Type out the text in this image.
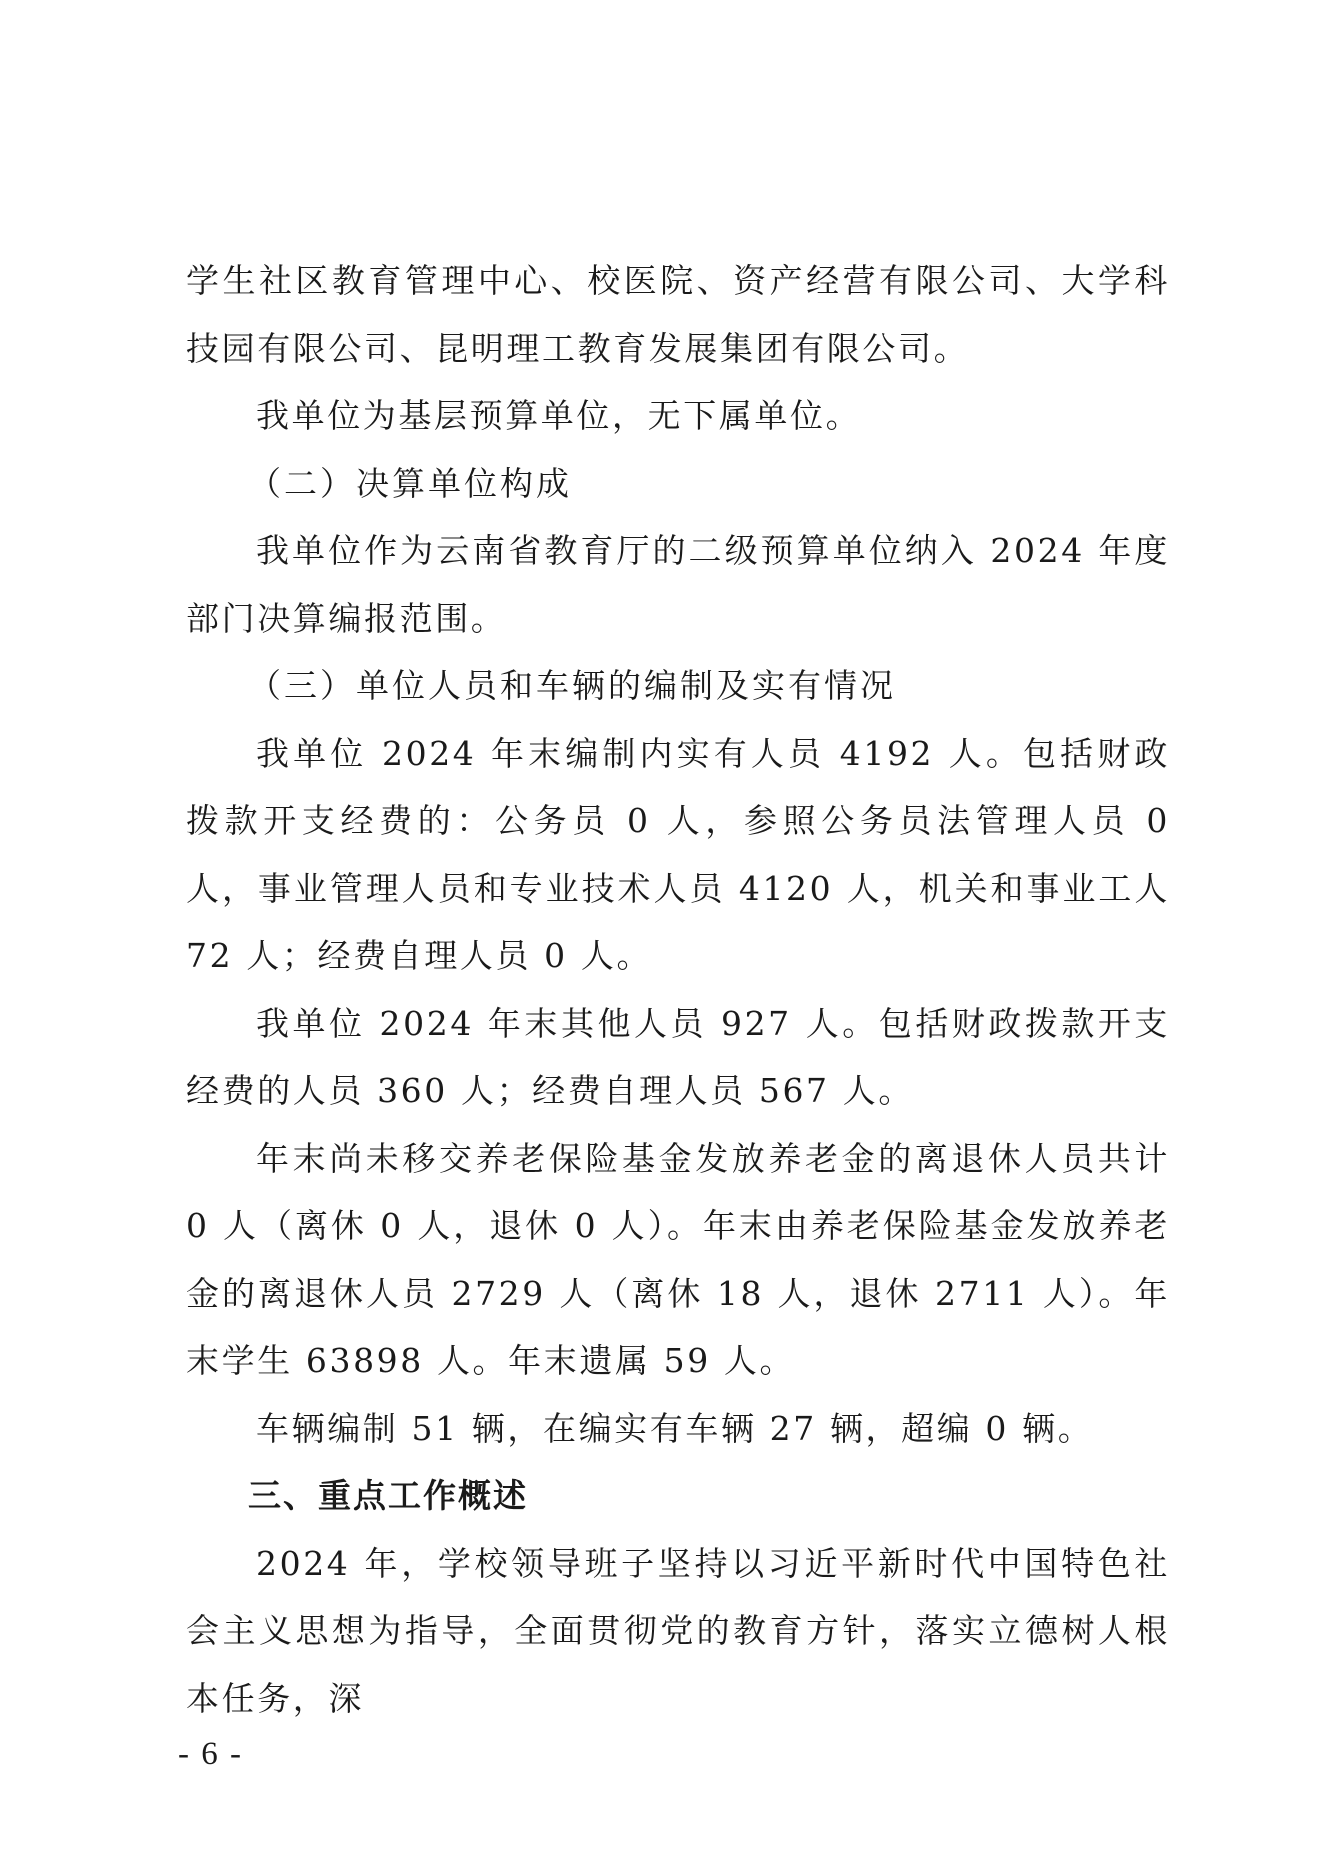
学生社区教育管理中心、校医院、资产经营有限公司、大学科技园有限公司、昆明理工教育发展集团有限公司。

我单位为基层预算单位，无下属单位。

（二）决算单位构成

我单位作为云南省教育厅的二级预算单位纳入 2024 年度部门决算编报范围。

（三）单位人员和车辆的编制及实有情况

我单位 2024 年末编制内实有人员 4192 人。包括财政拨款开支经费的：公务员 0 人，参照公务员法管理人员 0 人，事业管理人员和专业技术人员 4120 人，机关和事业工人 72 人；经费自理人员 0 人。

我单位 2024 年末其他人员 927 人。包括财政拨款开支经费的人员 360 人；经费自理人员 567 人。

年末尚未移交养老保险基金发放养老金的离退休人员共计 0 人（离休 0 人，退休 0 人）。年末由养老保险基金发放养老金的离退休人员 2729 人（离休 18 人，退休 2711 人）。年末学生 63898 人。年末遗属 59 人。

车辆编制 51 辆，在编实有车辆 27 辆，超编 0 辆。

三、重点工作概述

2024 年，学校领导班子坚持以习近平新时代中国特色社会主义思想为指导，全面贯彻党的教育方针，落实立德树人根本任务，深

- 6 -
